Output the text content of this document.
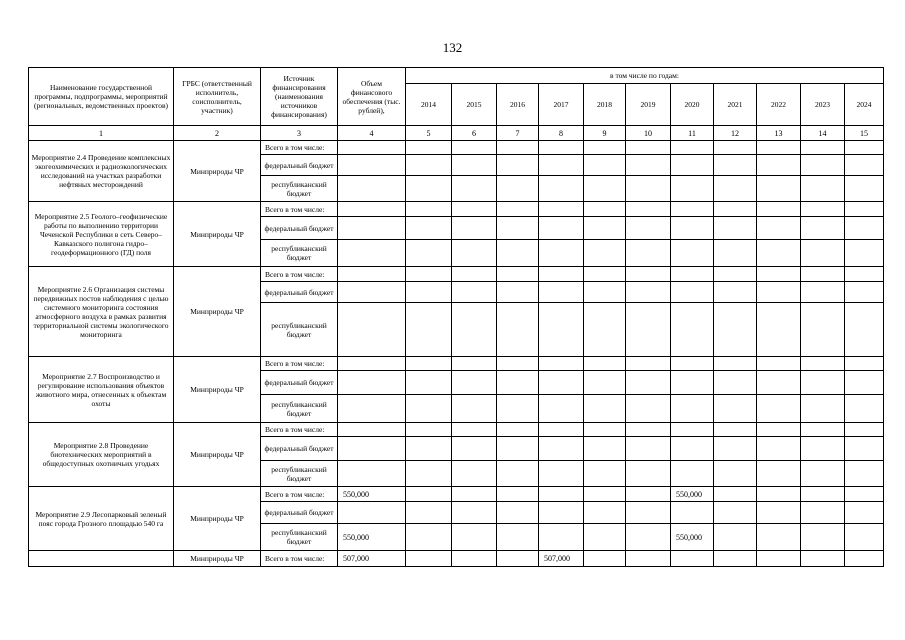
132
Наименование государственной программы, подпрограммы, мероприятий (региональных, ведомственных проектов)	ГРБС (ответственный исполнитель, соисполнитель, участник)	Источник финансирования (наименования источников финансирования)	Объем финансового обеспечения (тыс. рублей),	в том числе по годам:										
				2014	2015	2016	2017	2018	2019	2020	2021	2022	2023	2024
1	2	3	4	5	6	7	8	9	10	11	12	13	14	15
Мероприятие 2.4 Проведение комплексных экогеохимических и радиоэкологических исследований на участках разработки нефтяных месторождений	Минприроды ЧР	Всего в том числе:												
		федеральный бюджет												
		республиканский бюджет												
Мероприятие 2.5 Геолого–геофизические работы по выполнению территории Чеченской Республики в сеть Северо–Кавказского полигона гидро–геодеформационного (ГД) поля	Минприроды ЧР	Всего в том числе:												
		федеральный бюджет												
		республиканский бюджет												
Мероприятие 2.6 Организация системы передвижных постов наблюдения с целью системного мониторинга состояния атмосферного воздуха в рамках развития территориальной системы экологического мониторинга	Минприроды ЧР	Всего в том числе:												
		федеральный бюджет												
		республиканский бюджет												
Мероприятие 2.7 Воспроизводство и регулирование использования объектов животного мира, отнесенных к объектам охоты	Минприроды ЧР	Всего в том числе:												
		федеральный бюджет												
		республиканский бюджет												
Мероприятие 2.8 Проведение биотехнических мероприятий в общедоступных охотничьих угодьях	Минприроды ЧР	Всего в том числе:												
		федеральный бюджет												
		республиканский бюджет												
Мероприятие 2.9 Лесопарковый зеленый пояс города Грозного площадью 540 га	Минприроды ЧР	Всего в том числе:	550,000							550,000				
		федеральный бюджет												
		республиканский бюджет	550,000							550,000				
	Минприроды ЧР	Всего в том числе:	507,000				507,000							
